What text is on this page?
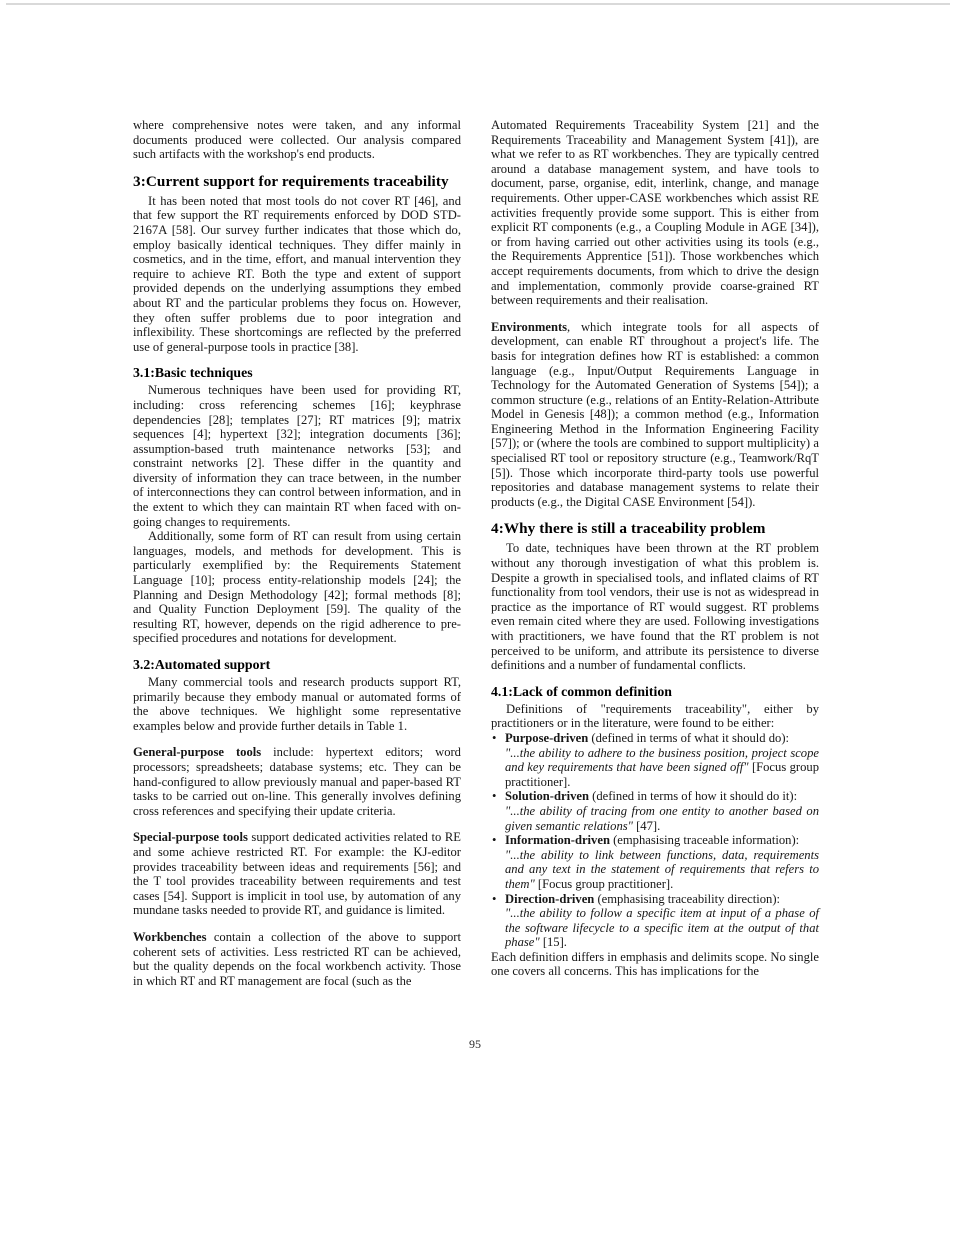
where comprehensive notes were taken, and any informal documents produced were collected. Our analysis compared such artifacts with the workshop's end products.

3:Current support for requirements traceability

It has been noted that most tools do not cover RT [46], and that few support the RT requirements enforced by DOD STD-2167A [58]. Our survey further indicates that those which do, employ basically identical techniques. They differ mainly in cosmetics, and in the time, effort, and manual intervention they require to achieve RT. Both the type and extent of support provided depends on the underlying assumptions they embed about RT and the particular problems they focus on. However, they often suffer problems due to poor integration and inflexibility. These shortcomings are reflected by the preferred use of general-purpose tools in practice [38].

3.1:Basic techniques

Numerous techniques have been used for providing RT, including: cross referencing schemes [16]; keyphrase dependencies [28]; templates [27]; RT matrices [9]; matrix sequences [4]; hypertext [32]; integration documents [36]; assumption-based truth maintenance networks [53]; and constraint networks [2]. These differ in the quantity and diversity of information they can trace between, in the number of interconnections they can control between information, and in the extent to which they can maintain RT when faced with on-going changes to requirements.

Additionally, some form of RT can result from using certain languages, models, and methods for development. This is particularly exemplified by: the Requirements Statement Language [10]; process entity-relationship models [24]; the Planning and Design Methodology [42]; formal methods [8]; and Quality Function Deployment [59]. The quality of the resulting RT, however, depends on the rigid adherence to pre-specified procedures and notations for development.

3.2:Automated support

Many commercial tools and research products support RT, primarily because they embody manual or automated forms of the above techniques. We highlight some representative examples below and provide further details in Table 1.

General-purpose tools include: hypertext editors; word processors; spreadsheets; database systems; etc. They can be hand-configured to allow previously manual and paper-based RT tasks to be carried out on-line. This generally involves defining cross references and specifying their update criteria.

Special-purpose tools support dedicated activities related to RE and some achieve restricted RT. For example: the KJ-editor provides traceability between ideas and requirements [56]; and the T tool provides traceability between requirements and test cases [54]. Support is implicit in tool use, by automation of any mundane tasks needed to provide RT, and guidance is limited.

Workbenches contain a collection of the above to support coherent sets of activities. Less restricted RT can be achieved, but the quality depends on the focal workbench activity. Those in which RT and RT management are focal (such as the

Automated Requirements Traceability System [21] and the Requirements Traceability and Management System [41]), are what we refer to as RT workbenches. They are typically centred around a database management system, and have tools to document, parse, organise, edit, interlink, change, and manage requirements. Other upper-CASE workbenches which assist RE activities frequently provide some support. This is either from explicit RT components (e.g., a Coupling Module in AGE [34]), or from having carried out other activities using its tools (e.g., the Requirements Apprentice [51]). Those workbenches which accept requirements documents, from which to drive the design and implementation, commonly provide coarse-grained RT between requirements and their realisation.

Environments, which integrate tools for all aspects of development, can enable RT throughout a project's life. The basis for integration defines how RT is established: a common language (e.g., Input/Output Requirements Language in Technology for the Automated Generation of Systems [54]); a common structure (e.g., relations of an Entity-Relation-Attribute Model in Genesis [48]); a common method (e.g., Information Engineering Method in the Information Engineering Facility [57]); or (where the tools are combined to support multiplicity) a specialised RT tool or repository structure (e.g., Teamwork/RqT [5]). Those which incorporate third-party tools use powerful repositories and database management systems to relate their products (e.g., the Digital CASE Environment [54]).

4:Why there is still a traceability problem

To date, techniques have been thrown at the RT problem without any thorough investigation of what this problem is. Despite a growth in specialised tools, and inflated claims of RT functionality from tool vendors, their use is not as widespread in practice as the importance of RT would suggest. RT problems even remain cited where they are used. Following investigations with practitioners, we have found that the RT problem is not perceived to be uniform, and attribute its persistence to diverse definitions and a number of fundamental conflicts.

4.1:Lack of common definition

Definitions of "requirements traceability", either by practitioners or in the literature, were found to be either:

• Purpose-driven (defined in terms of what it should do):
"...the ability to adhere to the business position, project scope and key requirements that have been signed off" [Focus group practitioner].
• Solution-driven (defined in terms of how it should do it):
"...the ability of tracing from one entity to another based on given semantic relations" [47].
• Information-driven (emphasising traceable information):
"...the ability to link between functions, data, requirements and any text in the statement of requirements that refers to them" [Focus group practitioner].
• Direction-driven (emphasising traceability direction):
"...the ability to follow a specific item at input of a phase of the software lifecycle to a specific item at the output of that phase" [15].

Each definition differs in emphasis and delimits scope. No single one covers all concerns. This has implications for the

95
